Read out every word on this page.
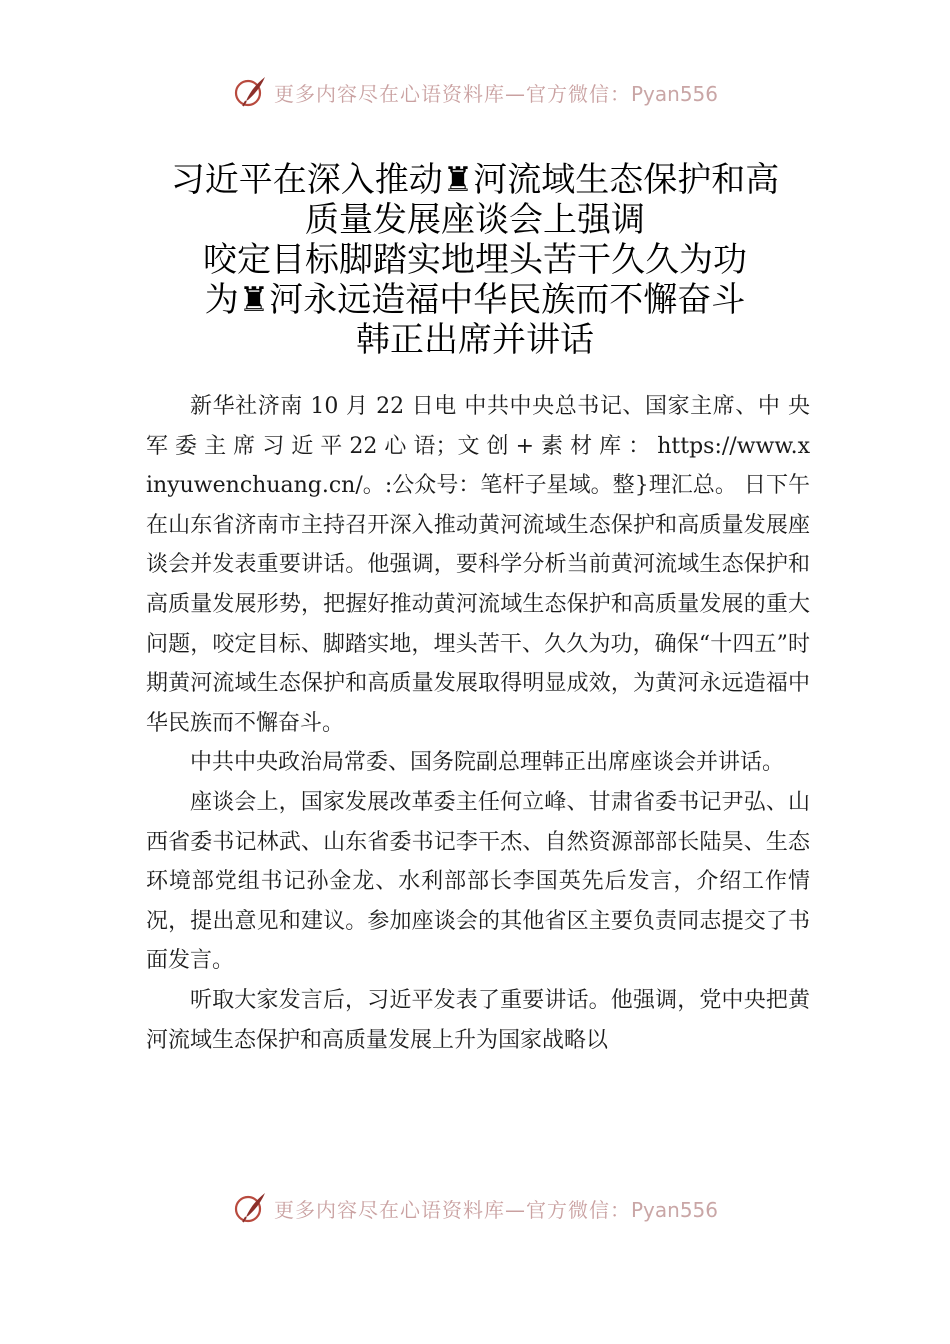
更多内容尽在心语资料库—官方微信：Pyan556
习近平在深入推动♜河流域生态保护和高
质量发展座谈会上强调
咬定目标脚踏实地埋头苦干久久为功
为♜河永远造福中华民族而不懈奋斗
韩正出席并讲话

新华社济南 10 月 22 日电 中共中央总书记、国家主席、中 央 军 委 主 席 习 近 平 22 心 语；文 创 + 素 材 库 ： https://www.xinyuwenchuang.cn/。:公众号：笔杆子星域。整}理汇总。 日下午在山东省济南市主持召开深入推动黄河流域生态保护和高质量发展座谈会并发表重要讲话。他强调，要科学分析当前黄河流域生态保护和高质量发展形势，把握好推动黄河流域生态保护和高质量发展的重大问题，咬定目标、脚踏实地，埋头苦干、久久为功，确保“十四五”时期黄河流域生态保护和高质量发展取得明显成效，为黄河永远造福中华民族而不懈奋斗。

中共中央政治局常委、国务院副总理韩正出席座谈会并讲话。

座谈会上，国家发展改革委主任何立峰、甘肃省委书记尹弘、山西省委书记林武、山东省委书记李干杰、自然资源部部长陆昊、生态环境部党组书记孙金龙、水利部部长李国英先后发言，介绍工作情况，提出意见和建议。参加座谈会的其他省区主要负责同志提交了书面发言。

听取大家发言后，习近平发表了重要讲话。他强调，党中央把黄河流域生态保护和高质量发展上升为国家战略以

更多内容尽在心语资料库—官方微信：Pyan556
